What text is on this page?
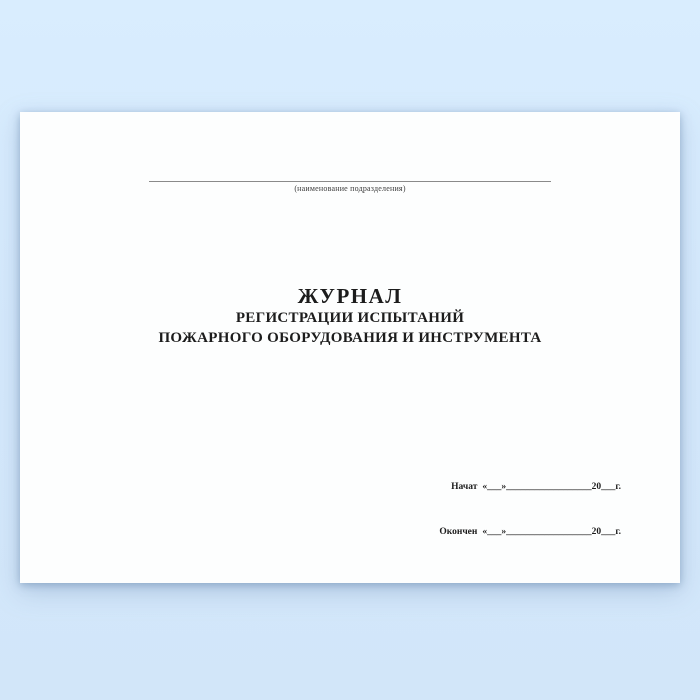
(наименование подразделения)
ЖУРНАЛ
РЕГИСТРАЦИИ ИСПЫТАНИЙ
ПОЖАРНОГО ОБОРУДОВАНИЯ И ИНСТРУМЕНТА

Начат «___»__________________20___г.

Окончен «___»__________________20___г.
